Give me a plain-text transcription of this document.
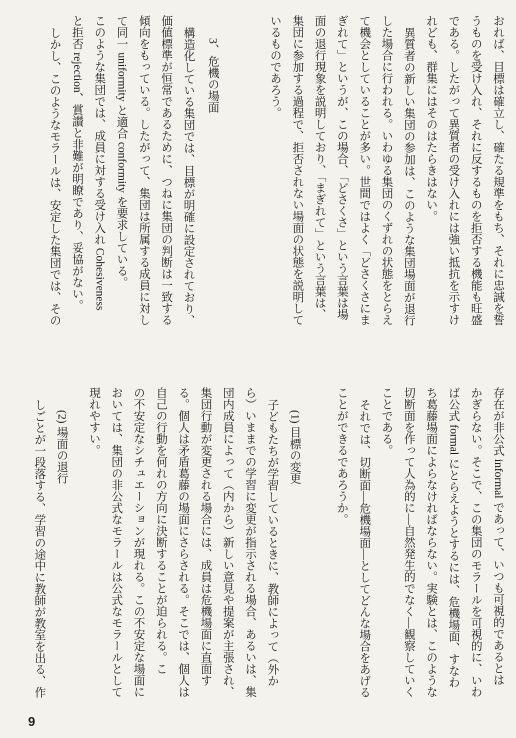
おれば、目標は確立し、確たる規準をもち、それに忠誠を誓
うものを受け入れ、それに反するものを拒否する機能も旺盛
である。したがって異質者の受け入れには強い抵抗を示すけ
れども、群集にはそのはたらきはない。
異質者の新しい集団の参加は、このような集団場面が退行
した場合に行われる。いわゆる集団のくずれの状態をとらえ
て機会としていることが多い。世間ではよく「どさくさにま
ぎれて」というが、この場合、「どさくさ」という言葉は場
面の退行現象を説明しており、「まぎれて」という言葉は、
集団に参加する過程で、拒否されない場面の状態を説明して
いるものであろう。
3、危機の場面
構造化している集団では、目標が明確に設定されており、
価値標準が恒常であるために、つねに集団の判断は一致する
傾向をもっている。したがって、集団は所属する成員に対し
て同一 uniformity と適合 conformity を要求している。
このような集団では、成員に対する受け入れ Cohesiveness
と拒否 rejection、賞讃と非難が明瞭であり、妥協がない。
しかし、このようなモラールは、安定した集団では、その
存在が非公式 informal であって、いつも可視的であるとは
かぎらない。そこで、この集団のモラールを可視的に、いわ
ば公式 formal にとらえようとするには、危機場面、すなわ
ち葛藤場面によらなければならない。実験とは、このような
切断面を作って人為的に—自然発生的でなく—観察していく
ことである。
それでは、切断面—危機場面—としてどんな場合をあげる
ことができるであろうか。
(1) 目標の変更
子どもたちが学習しているときに、教師によって（外か
ら）いままでの学習に変更が指示される場合、あるいは、集
団内成員によって（内から）新しい意見や提案が主張され、
集団行動が変更される場合には、成員は危機場面に直面す
る。個人は矛盾葛藤の場面にさらされる。そこでは、個人は
自己の行動を何れの方向に決断することが迫られる。こ
の不安定なシチュエーションが現れる。この不安定な場面に
おいては、集団の非公式なモラールは公式なモラールとして
現れやすい。
(2) 場面の退行
しごとが一段落する、学習の途中に教師が教室を出る、作
9
